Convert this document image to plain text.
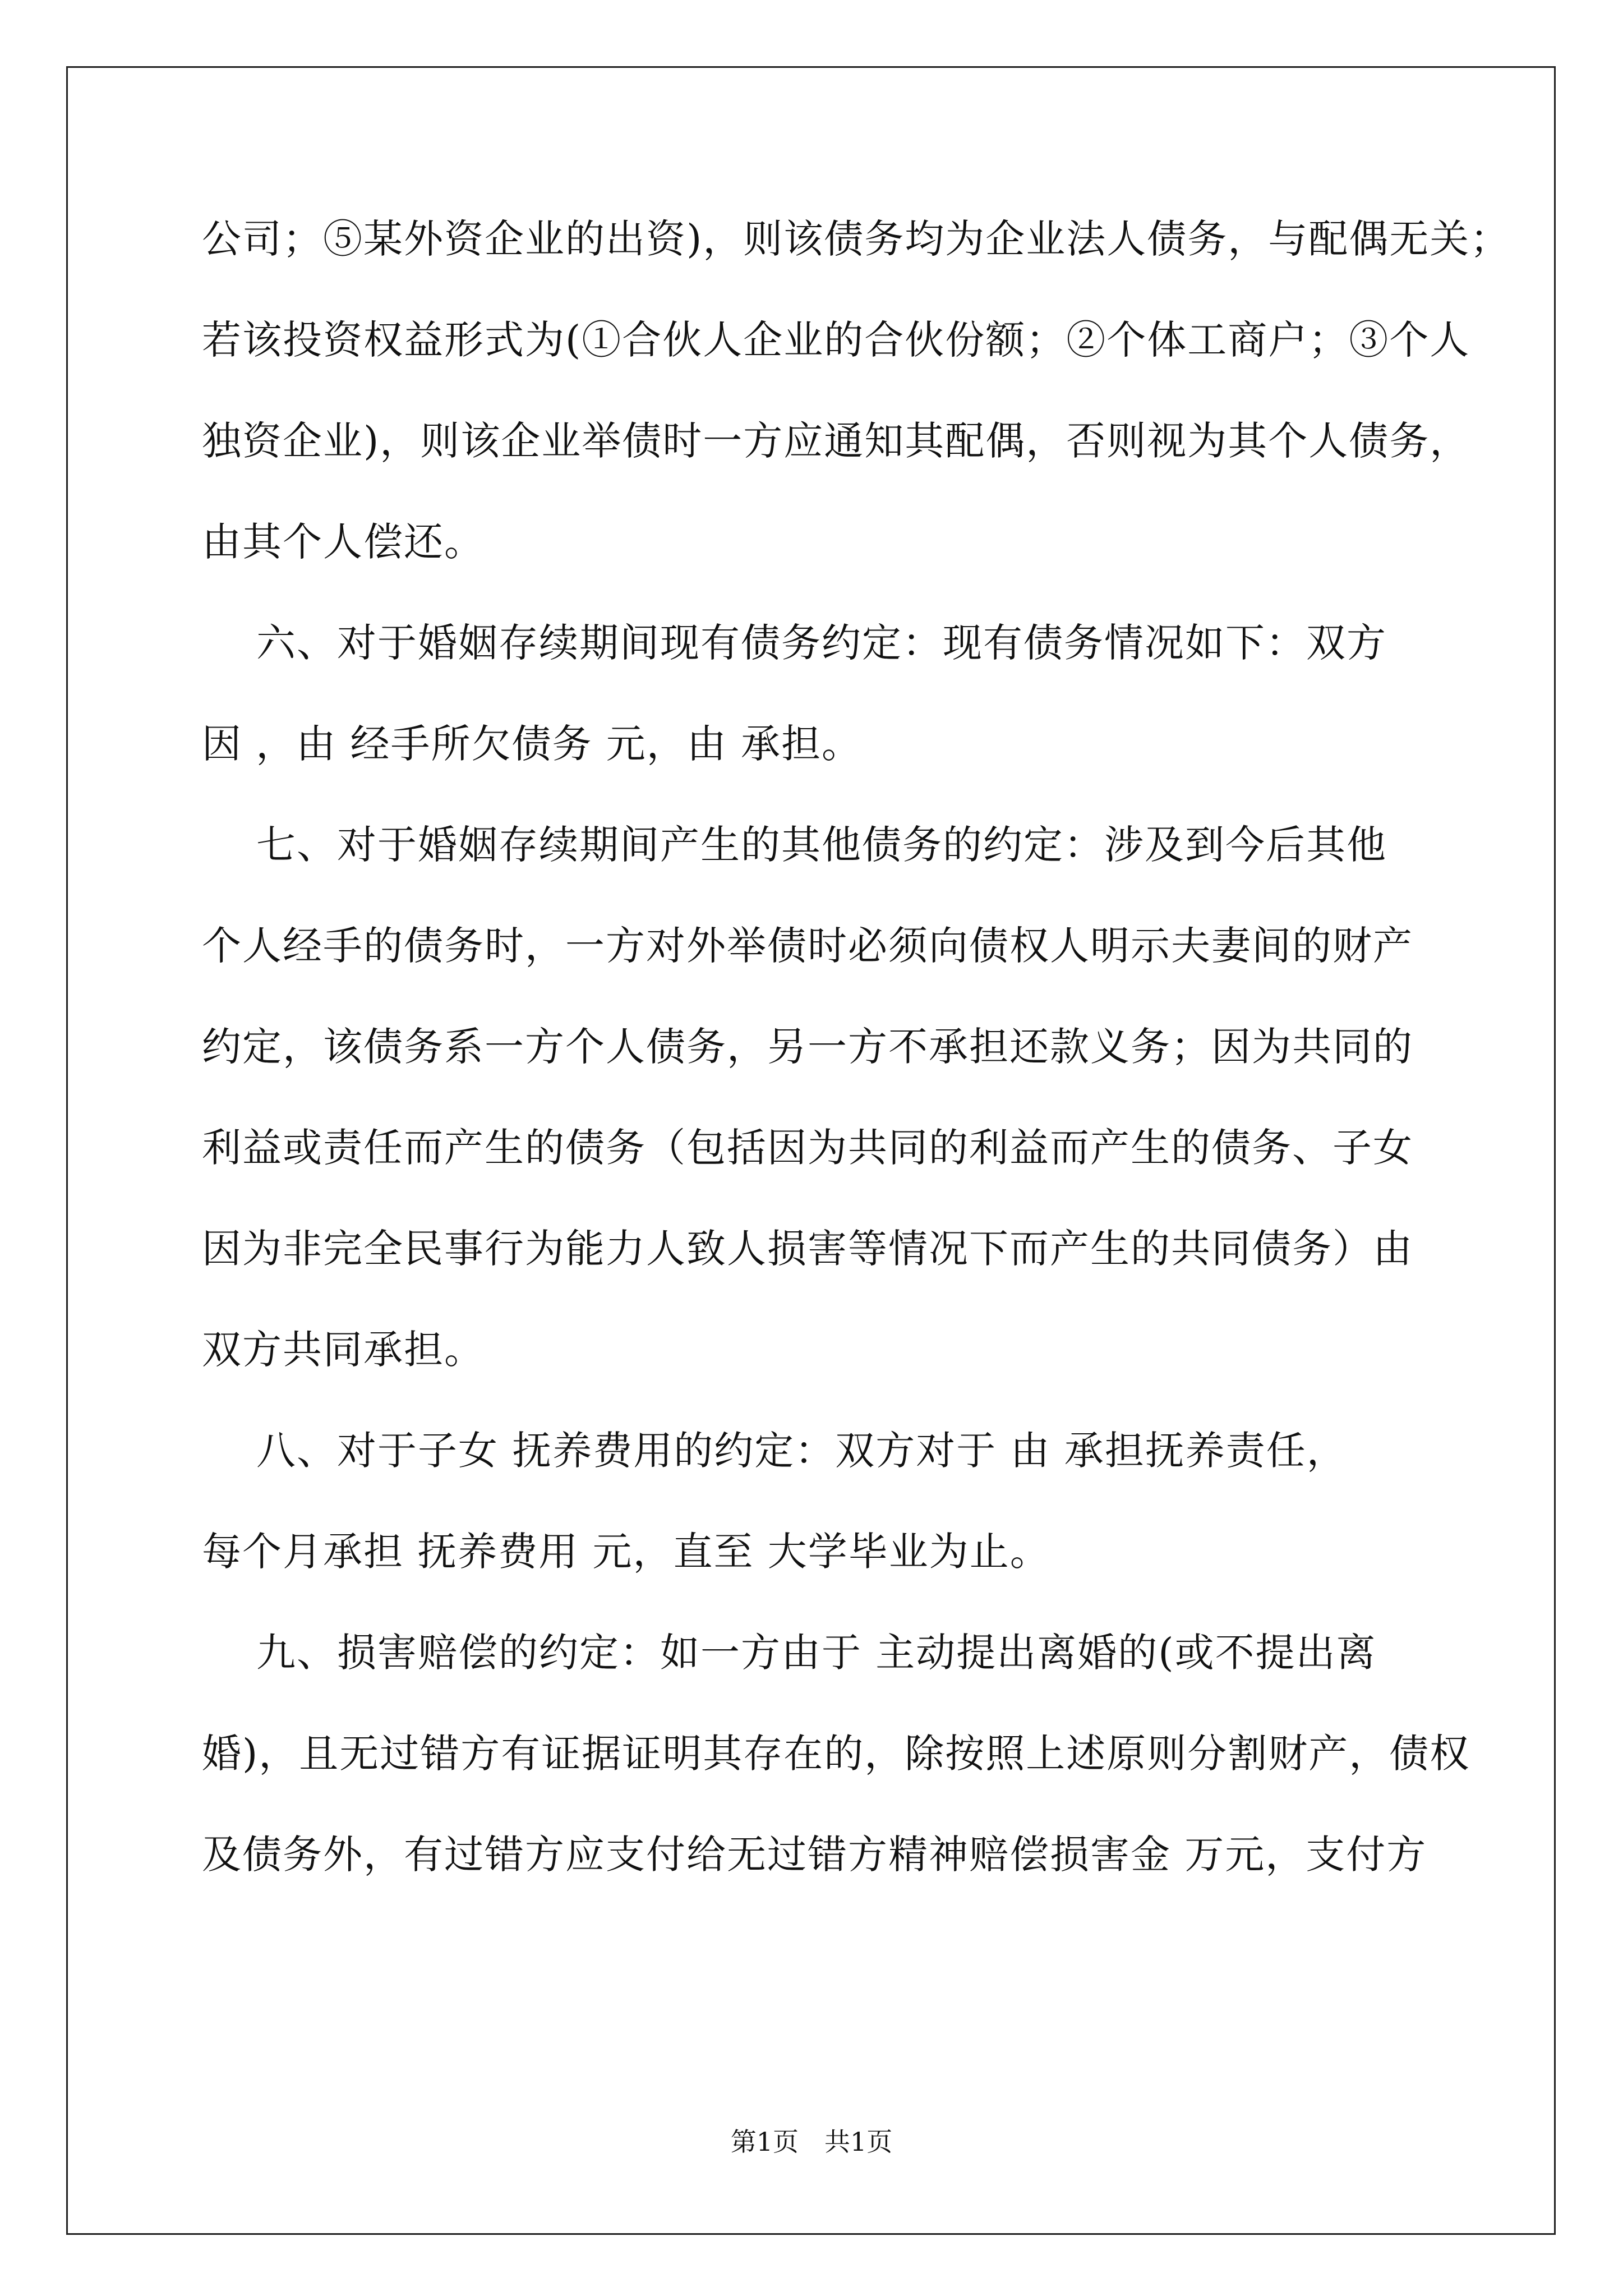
公司；⑤某外资企业的出资)，则该债务均为企业法人债务，与配偶无关；
若该投资权益形式为(①合伙人企业的合伙份额；②个体工商户；③个人
独资企业)，则该企业举债时一方应通知其配偶，否则视为其个人债务，
由其个人偿还。
六、对于婚姻存续期间现有债务约定：现有债务情况如下：双方
因 ，由 经手所欠债务 元，由 承担。
七、对于婚姻存续期间产生的其他债务的约定：涉及到今后其他
个人经手的债务时，一方对外举债时必须向债权人明示夫妻间的财产
约定，该债务系一方个人债务，另一方不承担还款义务；因为共同的
利益或责任而产生的债务（包括因为共同的利益而产生的债务、子女
因为非完全民事行为能力人致人损害等情况下而产生的共同债务）由
双方共同承担。
八、对于子女 抚养费用的约定：双方对于 由 承担抚养责任，
每个月承担 抚养费用 元，直至 大学毕业为止。
九、损害赔偿的约定：如一方由于 主动提出离婚的(或不提出离
婚)，且无过错方有证据证明其存在的，除按照上述原则分割财产，债权
及债务外，有过错方应支付给无过错方精神赔偿损害金 万元，支付方
第1页　共1页
